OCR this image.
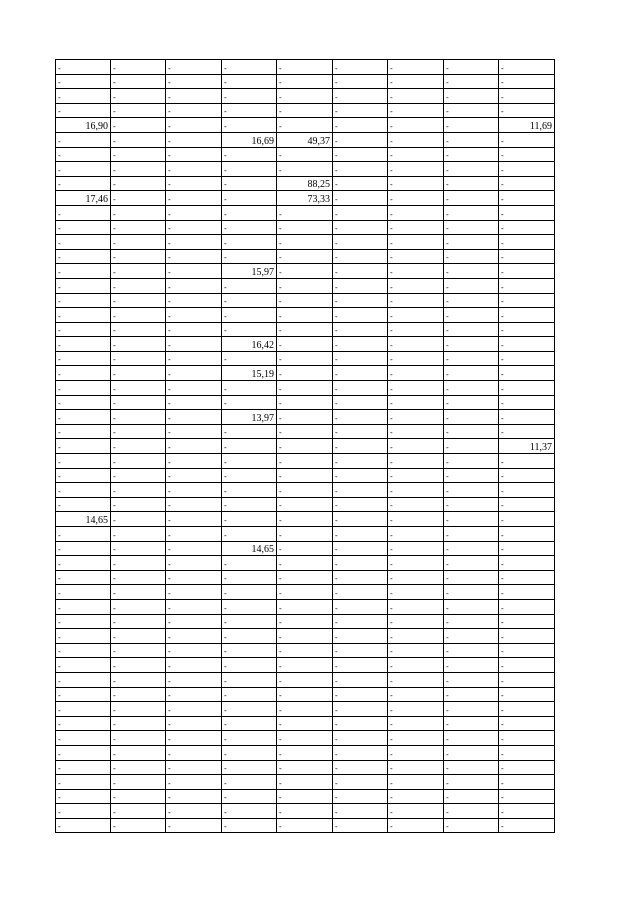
-	-	-	-	-	-	-	-	-
-	-	-	-	-	-	-	-	-
-	-	-	-	-	-	-	-	-
-	-	-	-	-	-	-	-	-
16,90	-	-	-	-	-	-	-	11,69
-	-	-	16,69	49,37	-	-	-	-
-	-	-	-	-	-	-	-	-
-	-	-	-	-	-	-	-	-
-	-	-	-	88,25	-	-	-	-
17,46	-	-	-	73,33	-	-	-	-
-	-	-	-	-	-	-	-	-
-	-	-	-	-	-	-	-	-
-	-	-	-	-	-	-	-	-
-	-	-	-	-	-	-	-	-
-	-	-	15,97	-	-	-	-	-
-	-	-	-	-	-	-	-	-
-	-	-	-	-	-	-	-	-
-	-	-	-	-	-	-	-	-
-	-	-	-	-	-	-	-	-
-	-	-	16,42	-	-	-	-	-
-	-	-	-	-	-	-	-	-
-	-	-	15,19	-	-	-	-	-
-	-	-	-	-	-	-	-	-
-	-	-	-	-	-	-	-	-
-	-	-	13,97	-	-	-	-	-
-	-	-	-	-	-	-	-	-
-	-	-	-	-	-	-	-	11,37
-	-	-	-	-	-	-	-	-
-	-	-	-	-	-	-	-	-
-	-	-	-	-	-	-	-	-
-	-	-	-	-	-	-	-	-
14,65	-	-	-	-	-	-	-	-
-	-	-	-	-	-	-	-	-
-	-	-	14,65	-	-	-	-	-
-	-	-	-	-	-	-	-	-
-	-	-	-	-	-	-	-	-
-	-	-	-	-	-	-	-	-
-	-	-	-	-	-	-	-	-
-	-	-	-	-	-	-	-	-
-	-	-	-	-	-	-	-	-
-	-	-	-	-	-	-	-	-
-	-	-	-	-	-	-	-	-
-	-	-	-	-	-	-	-	-
-	-	-	-	-	-	-	-	-
-	-	-	-	-	-	-	-	-
-	-	-	-	-	-	-	-	-
-	-	-	-	-	-	-	-	-
-	-	-	-	-	-	-	-	-
-	-	-	-	-	-	-	-	-
-	-	-	-	-	-	-	-	-
-	-	-	-	-	-	-	-	-
-	-	-	-	-	-	-	-	-
-	-	-	-	-	-	-	-	-
